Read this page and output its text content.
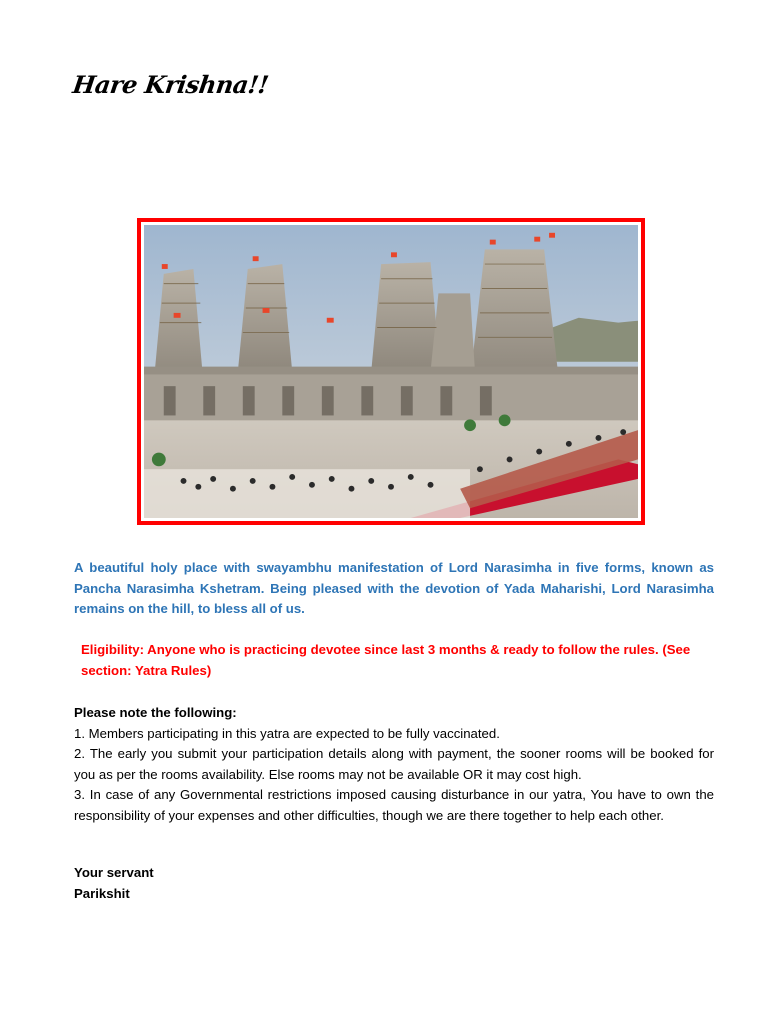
Hare Krishna!!
A beautiful holy place with swayambhu manifestation of Lord Narasimha in five forms, known as Pancha Narasimha Kshetram. Being pleased with the devotion of Yada Maharishi, Lord Narasimha remains on the hill, to bless all of us.
Eligibility: Anyone who is practicing devotee since last 3 months & ready to follow the rules. (See section: Yatra Rules)
Please note the following:
1. Members participating in this yatra are expected to be fully vaccinated.
2. The early you submit your participation details along with payment, the sooner rooms will be booked for you as per the rooms availability. Else rooms may not be available OR it may cost high.
3. In case of any Governmental restrictions imposed causing disturbance in our yatra, You have to own the responsibility of your expenses and other difficulties, though we are there together to help each other.
Your servant
Parikshit
